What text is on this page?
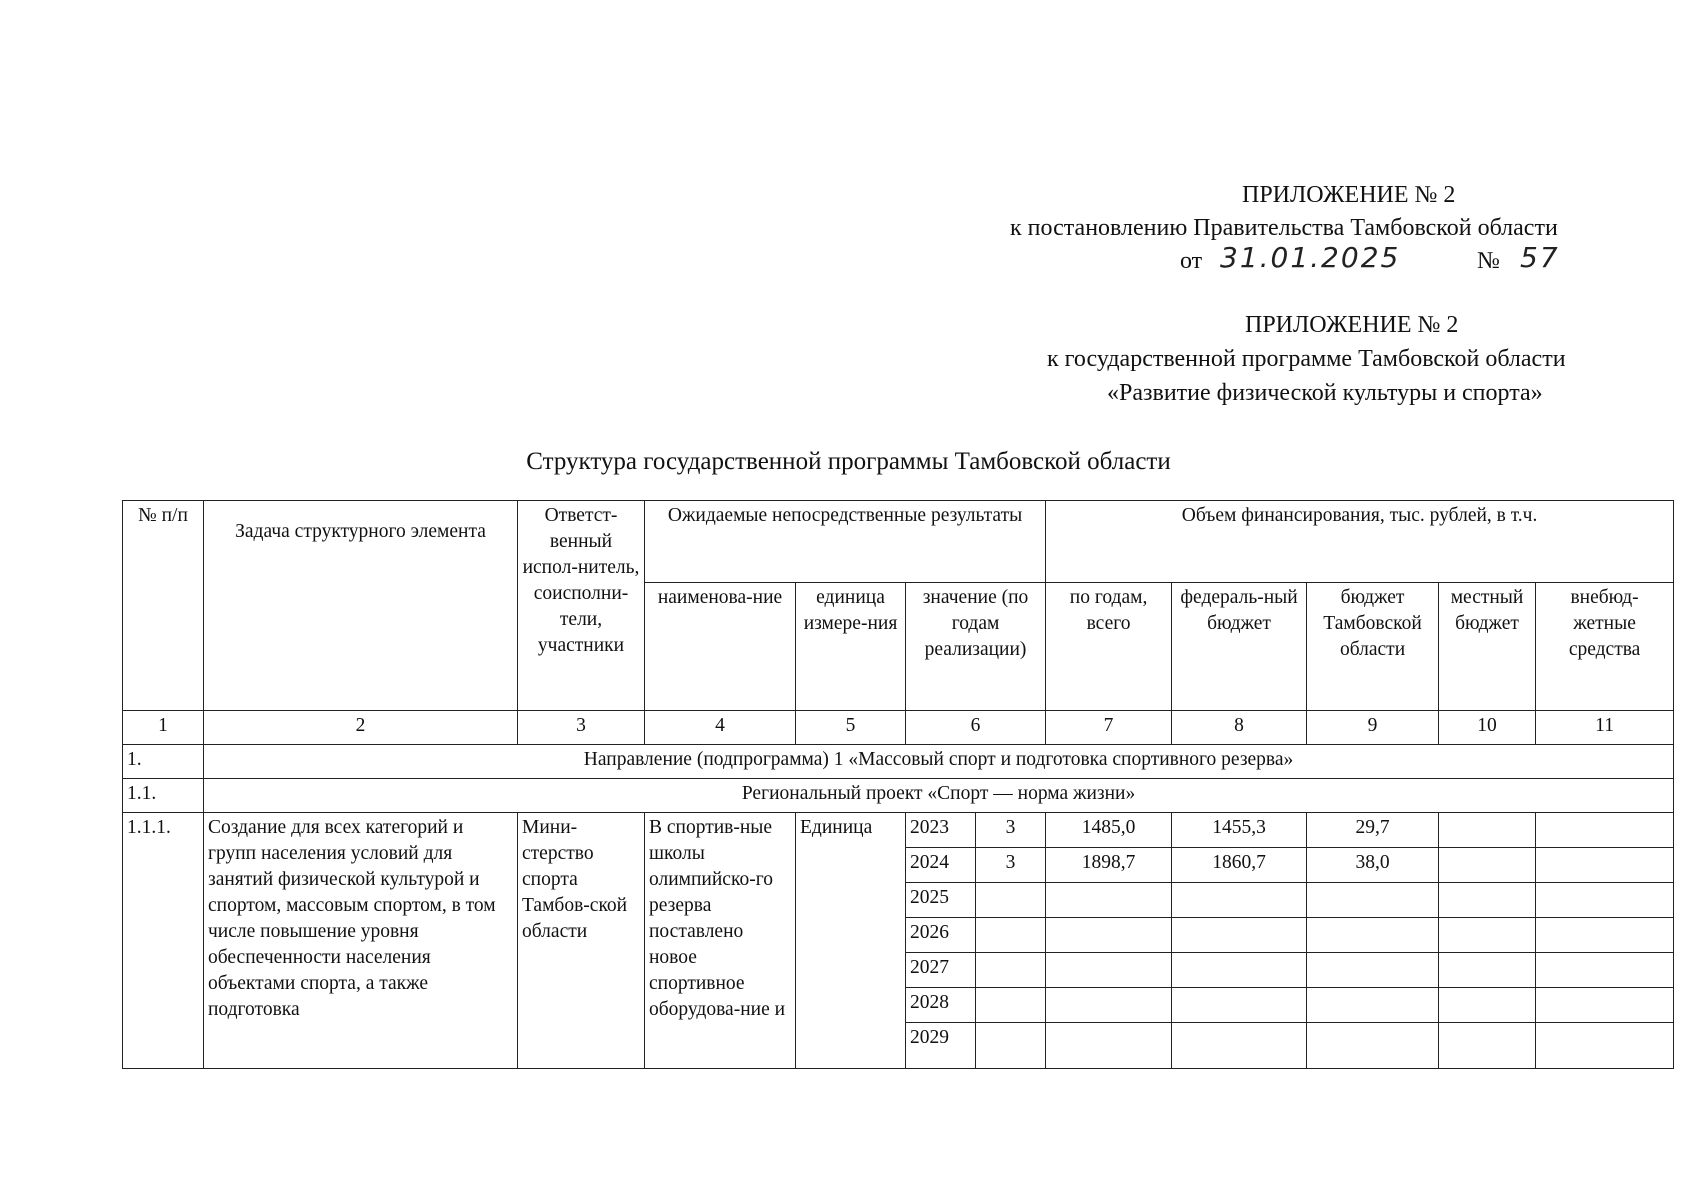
ПРИЛОЖЕНИЕ № 2
к постановлению Правительства Тамбовской области
от 31.01.2025	№ 57
ПРИЛОЖЕНИЕ № 2
к государственной программе Тамбовской области
«Развитие физической культуры и спорта»
Структура государственной программы Тамбовской области
№ п/п	Задача структурного элемента	Ответст-венный испол-нитель, соисполни-тели, участники	Ожидаемые непосредственные результаты				Объем финансирования, тыс. рублей, в т.ч.				
			наименова-ние	единица измере-ния	значение (по годам реализации)		по годам, всего	федераль-ный бюджет	бюджет Тамбовской области	местный бюджет	внебюд-жетные средства
1	2	3	4	5	6		7	8	9	10	11
1.	Направление (подпрограмма) 1 «Массовый спорт и подготовка спортивного резерва»										
1.1.	Региональный проект «Спорт — норма жизни»										
1.1.1.	Создание для всех категорий и групп населения условий для занятий физической культурой и спортом, массовым спортом, в том числе повышение уровня обеспеченности населения объектами спорта, а также подготовка	Мини-стерство спорта Тамбов-ской области	В спортив-ные школы олимпийско-го резерва поставлено новое спортивное оборудова-ние и	Единица	2023	3	1485,0	1455,3	29,7		
					2024	3	1898,7	1860,7	38,0		
					2025						
					2026						
					2027						
					2028						
					2029						
